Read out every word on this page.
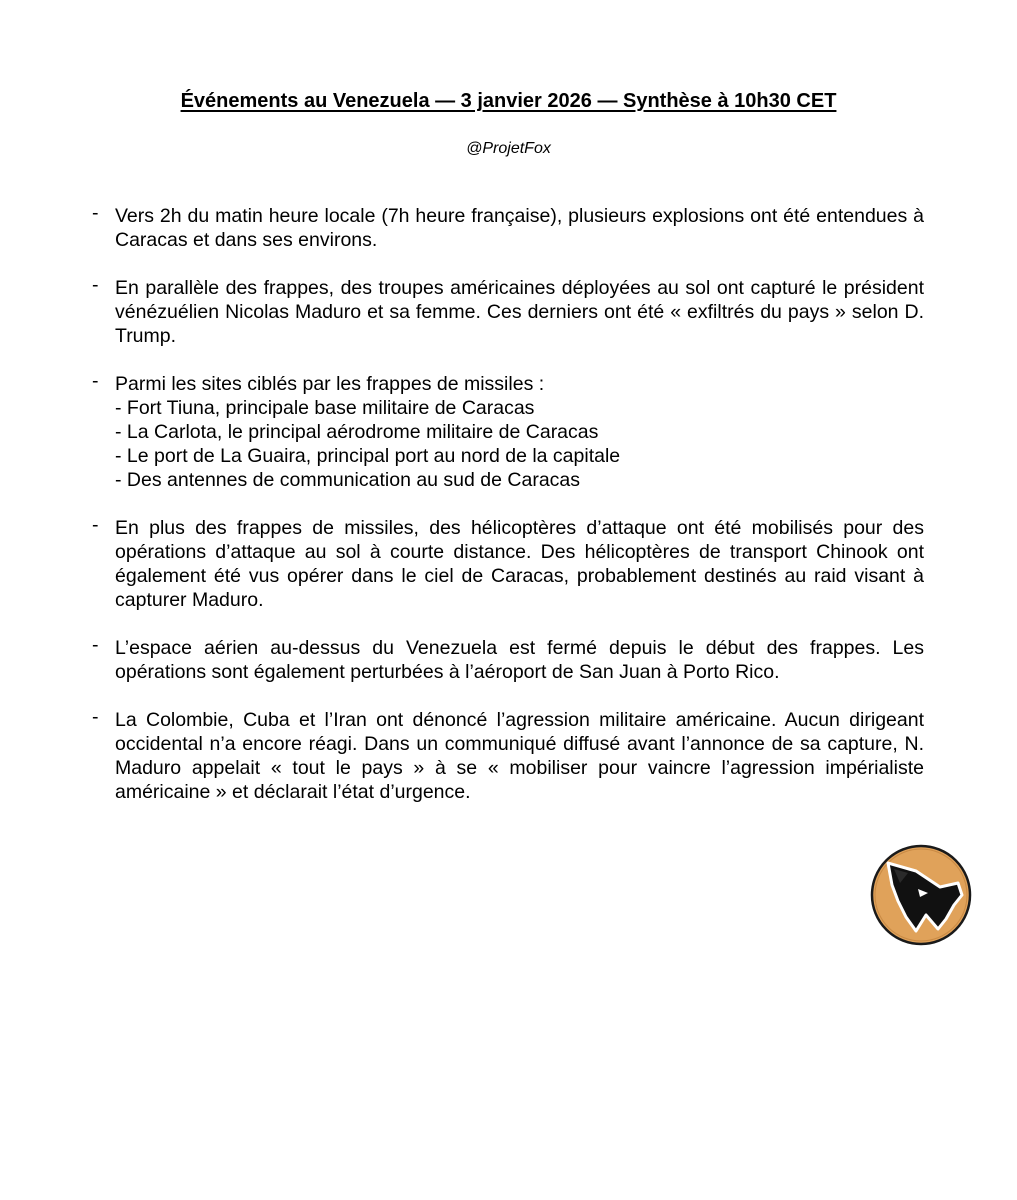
Événements au Venezuela — 3 janvier 2026 — Synthèse à 10h30 CET
@ProjetFox
- Vers 2h du matin heure locale (7h heure française), plusieurs explosions ont été entendues à Caracas et dans ses environs.
- En parallèle des frappes, des troupes américaines déployées au sol ont capturé le président vénézuélien Nicolas Maduro et sa femme. Ces derniers ont été « exfiltrés du pays » selon D. Trump.
- Parmi les sites ciblés par les frappes de missiles :
- Fort Tiuna, principale base militaire de Caracas
- La Carlota, le principal aérodrome militaire de Caracas
- Le port de La Guaira, principal port au nord de la capitale
- Des antennes de communication au sud de Caracas
- En plus des frappes de missiles, des hélicoptères d’attaque ont été mobilisés pour des opérations d’attaque au sol à courte distance. Des hélicoptères de transport Chinook ont également été vus opérer dans le ciel de Caracas, probablement destinés au raid visant à capturer Maduro.
- L’espace aérien au-dessus du Venezuela est fermé depuis le début des frappes. Les opérations sont également perturbées à l’aéroport de San Juan à Porto Rico.
- La Colombie, Cuba et l’Iran ont dénoncé l’agression militaire américaine. Aucun dirigeant occidental n’a encore réagi. Dans un communiqué diffusé avant l’annonce de sa capture, N. Maduro appelait « tout le pays » à se « mobiliser pour vaincre l’agression impérialiste américaine » et déclarait l’état d’urgence.
